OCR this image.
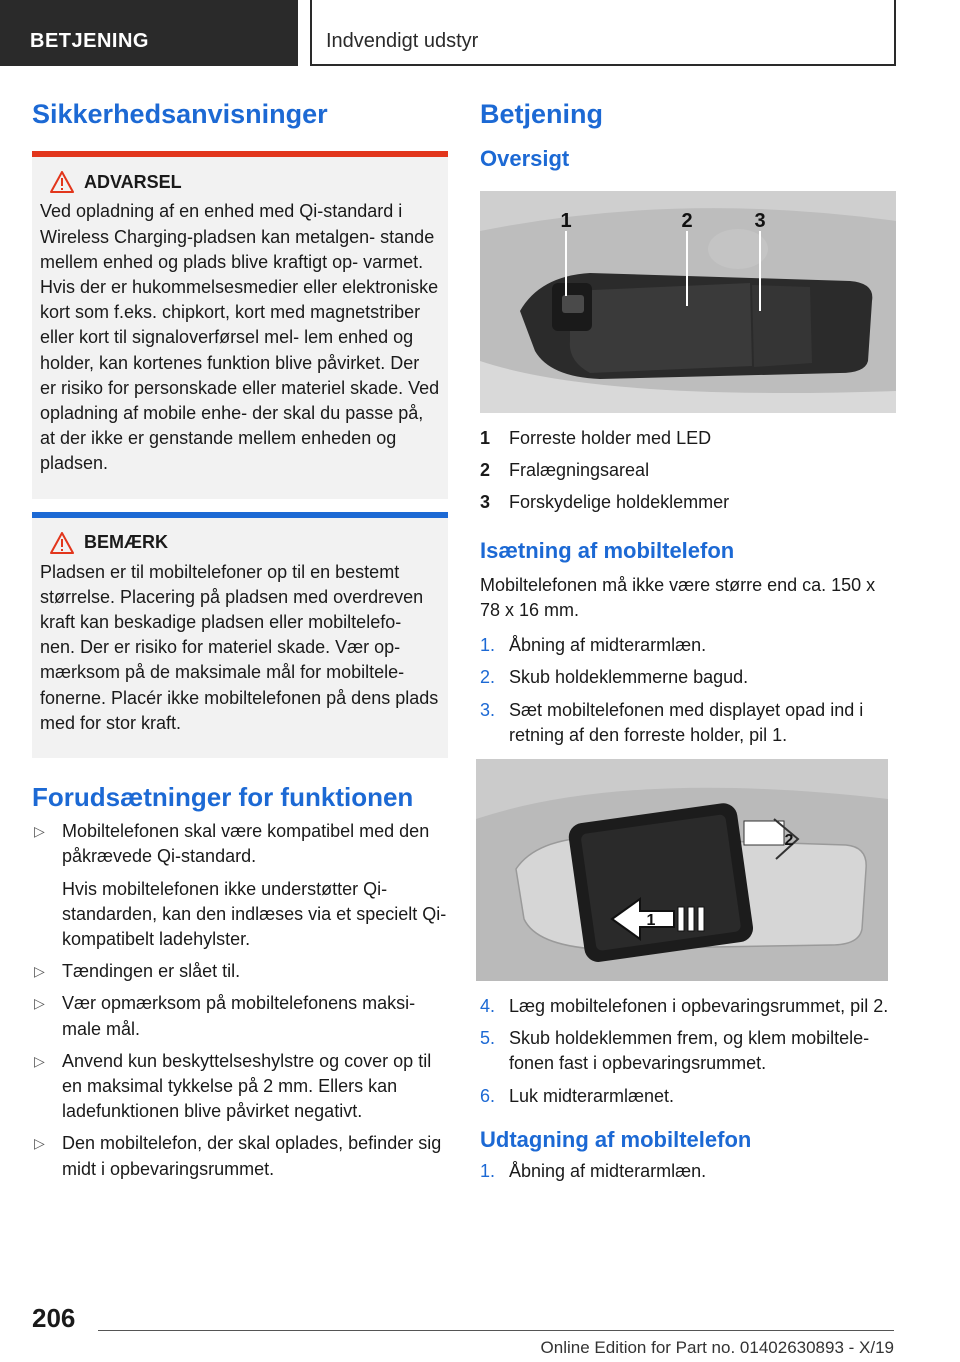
BETJENING	Indvendigt udstyr
Sikkerhedsanvisninger
ADVARSEL

Ved opladning af en enhed med Qi-standard i Wireless Charging-pladsen kan metalgen- stande mellem enhed og plads blive kraftigt op- varmet. Hvis der er hukommelsesmedier eller elektroniske kort som f.eks. chipkort, kort med magnetstriber eller kort til signaloverførsel mel- lem enhed og holder, kan kortenes funktion blive påvirket. Der er risiko for personskade eller materiel skade. Ved opladning af mobile enhe- der skal du passe på, at der ikke er genstande mellem enheden og pladsen.

BEMÆRK

Pladsen er til mobiltelefoner op til en bestemt størrelse. Placering på pladsen med overdreven kraft kan beskadige pladsen eller mobiltelefo- nen. Der er risiko for materiel skade. Vær op- mærksom på de maksimale mål for mobiltele- fonerne. Placér ikke mobiltelefonen på dens plads med for stor kraft.

Forudsætninger for funktionen
▷ Mobiltelefonen skal være kompatibel med den påkrævede Qi-standard.
Hvis mobiltelefonen ikke understøtter Qi- standarden, kan den indlæses via et specielt Qi-kompatibelt ladehylster.
▷ Tændingen er slået til.
▷ Vær opmærksom på mobiltelefonens maksi- male mål.
▷ Anvend kun beskyttelseshylstre og cover op til en maksimal tykkelse på 2 mm. Ellers kan ladefunktionen blive påvirket negativt.
▷ Den mobiltelefon, der skal oplades, befinder sig midt i opbevaringsrummet.
Betjening
Oversigt
1	2	3
1 Forreste holder med LED
2 Fralægningsareal
3 Forskydelige holdeklemmer
Isætning af mobiltelefon

Mobiltelefonen må ikke være større end ca. 150 x 78 x 16 mm.

1. Åbning af midterarmlæn.
2. Skub holdeklemmerne bagud.
3. Sæt mobiltelefonen med displayet opad ind i retning af den forreste holder, pil 1.
1
2
4. Læg mobiltelefonen i opbevaringsrummet, pil 2.
5. Skub holdeklemmen frem, og klem mobiltele- fonen fast i opbevaringsrummet.
6. Luk midterarmlænet.
Udtagning af mobiltelefon
1. Åbning af midterarmlæn.
206
Online Edition for Part no. 01402630893 - X/19
